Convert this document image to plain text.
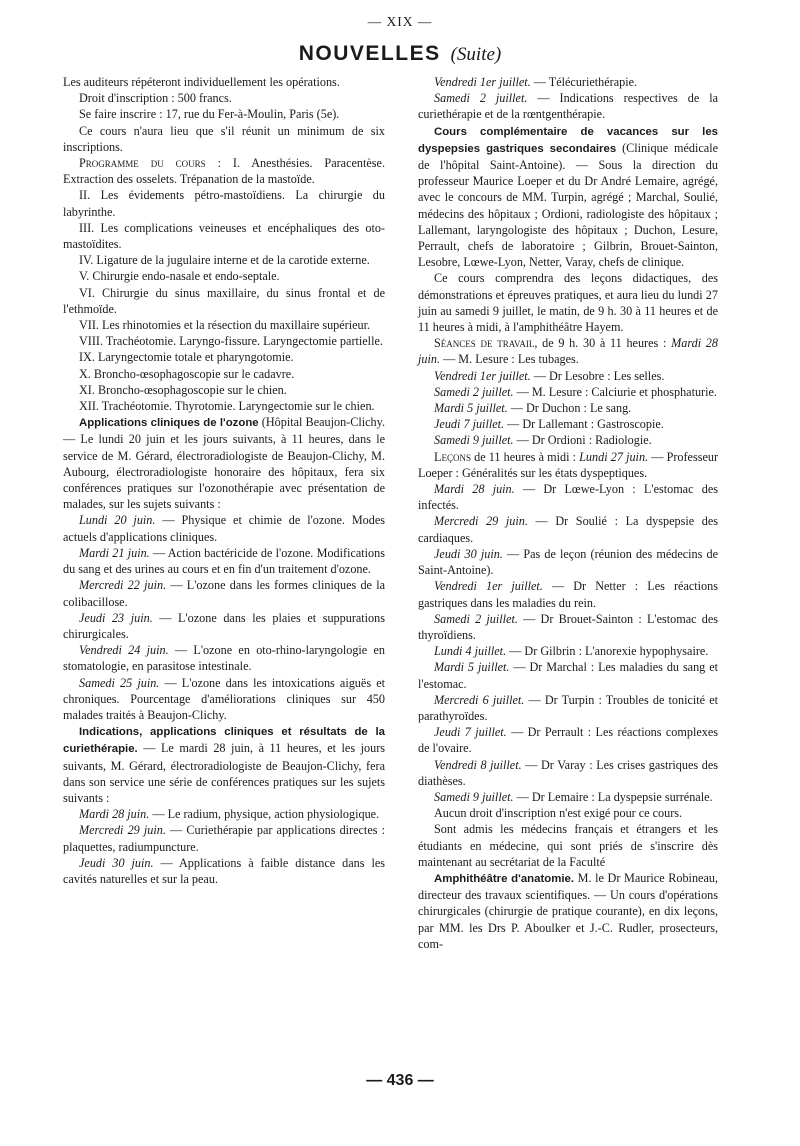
— XIX —
NOUVELLES (Suite)

Les auditeurs répéteront individuellement les opérations.

Droit d'inscription : 500 francs.

Se faire inscrire : 17, rue du Fer-à-Moulin, Paris (5e).

Ce cours n'aura lieu que s'il réunit un minimum de six inscriptions.

Programme du cours : I. Anesthésies. Paracentèse. Extraction des osselets. Trépanation de la mastoïde.

II. Les évidements pétro-mastoïdiens. La chirurgie du labyrinthe.

III. Les complications veineuses et encéphaliques des oto-mastoïdites.

IV. Ligature de la jugulaire interne et de la carotide externe.

V. Chirurgie endo-nasale et endo-septale.

VI. Chirurgie du sinus maxillaire, du sinus frontal et de l'ethmoïde.

VII. Les rhinotomies et la résection du maxillaire supérieur.

VIII. Trachéotomie. Laryngo-fissure. Laryngectomie partielle.

IX. Laryngectomie totale et pharyngotomie.

X. Broncho-œsophagoscopie sur le cadavre.

XI. Broncho-œsophagoscopie sur le chien.

XII. Trachéotomie. Thyrotomie. Laryngectomie sur le chien.

Applications cliniques de l'ozone (Hôpital Beaujon-Clichy. — Le lundi 20 juin et les jours suivants, à 11 heures, dans le service de M. Gérard, électroradiologiste de Beaujon-Clichy, M. Aubourg, électroradiologiste honoraire des hôpitaux, fera six conférences pratiques sur l'ozonothérapie avec présentation de malades, sur les sujets suivants :

Lundi 20 juin. — Physique et chimie de l'ozone. Modes actuels d'applications cliniques.

Mardi 21 juin. — Action bactéricide de l'ozone. Modifications du sang et des urines au cours et en fin d'un traitement d'ozone.

Mercredi 22 juin. — L'ozone dans les formes cliniques de la colibacillose.

Jeudi 23 juin. — L'ozone dans les plaies et suppurations chirurgicales.

Vendredi 24 juin. — L'ozone en oto-rhino-laryngologie en stomatologie, en parasitose intestinale.

Samedi 25 juin. — L'ozone dans les intoxications aiguës et chroniques. Pourcentage d'améliorations cliniques sur 450 malades traités à Beaujon-Clichy.

Indications, applications cliniques et résultats de la curiethérapie. — Le mardi 28 juin, à 11 heures, et les jours suivants, M. Gérard, électroradiologiste de Beaujon-Clichy, fera dans son service une série de conférences pratiques sur les sujets suivants :

Mardi 28 juin. — Le radium, physique, action physiologique.

Mercredi 29 juin. — Curiethérapie par applications directes : plaquettes, radiumpuncture.

Jeudi 30 juin. — Applications à faible distance dans les cavités naturelles et sur la peau.

Vendredi 1er juillet. — Télécuriethérapie.

Samedi 2 juillet. — Indications respectives de la curiethérapie et de la rœntgenthérapie.

Cours complémentaire de vacances sur les dyspepsies gastriques secondaires (Clinique médicale de l'hôpital Saint-Antoine). — Sous la direction du professeur Maurice Loeper et du Dr André Lemaire, agrégé, avec le concours de MM. Turpin, agrégé ; Marchal, Soulié, médecins des hôpitaux ; Ordioni, radiologiste des hôpitaux ; Lallemant, laryngologiste des hôpitaux ; Duchon, Lesure, Perrault, chefs de laboratoire ; Gilbrin, Brouet-Sainton, Lesobre, Lœwe-Lyon, Netter, Varay, chefs de clinique.

Ce cours comprendra des leçons didactiques, des démonstrations et épreuves pratiques, et aura lieu du lundi 27 juin au samedi 9 juillet, le matin, de 9 h. 30 à 11 heures et de 11 heures à midi, à l'amphithéâtre Hayem.

Séances de travail, de 9 h. 30 à 11 heures : Mardi 28 juin. — M. Lesure : Les tubages.

Vendredi 1er juillet. — Dr Lesobre : Les selles.

Samedi 2 juillet. — M. Lesure : Calciurie et phosphaturie.

Mardi 5 juillet. — Dr Duchon : Le sang.

Jeudi 7 juillet. — Dr Lallemant : Gastroscopie.

Samedi 9 juillet. — Dr Ordioni : Radiologie.

Leçons de 11 heures à midi : Lundi 27 juin. — Professeur Loeper : Généralités sur les états dyspeptiques.

Mardi 28 juin. — Dr Lœwe-Lyon : L'estomac des infectés.

Mercredi 29 juin. — Dr Soulié : La dyspepsie des cardiaques.

Jeudi 30 juin. — Pas de leçon (réunion des médecins de Saint-Antoine).

Vendredi 1er juillet. — Dr Netter : Les réactions gastriques dans les maladies du rein.

Samedi 2 juillet. — Dr Brouet-Sainton : L'estomac des thyroïdiens.

Lundi 4 juillet. — Dr Gilbrin : L'anorexie hypophysaire.

Mardi 5 juillet. — Dr Marchal : Les maladies du sang et l'estomac.

Mercredi 6 juillet. — Dr Turpin : Troubles de tonicité et parathyroïdes.

Jeudi 7 juillet. — Dr Perrault : Les réactions complexes de l'ovaire.

Vendredi 8 juillet. — Dr Varay : Les crises gastriques des diathèses.

Samedi 9 juillet. — Dr Lemaire : La dyspepsie surrénale.

Aucun droit d'inscription n'est exigé pour ce cours.

Sont admis les médecins français et étrangers et les étudiants en médecine, qui sont priés de s'inscrire dès maintenant au secrétariat de la Faculté

Amphithéâtre d'anatomie. M. le Dr Maurice Robineau, directeur des travaux scientifiques. — Un cours d'opérations chirurgicales (chirurgie de pratique courante), en dix leçons, par MM. les Drs P. Aboulker et J.-C. Rudler, prosecteurs, com-

— 436 —
